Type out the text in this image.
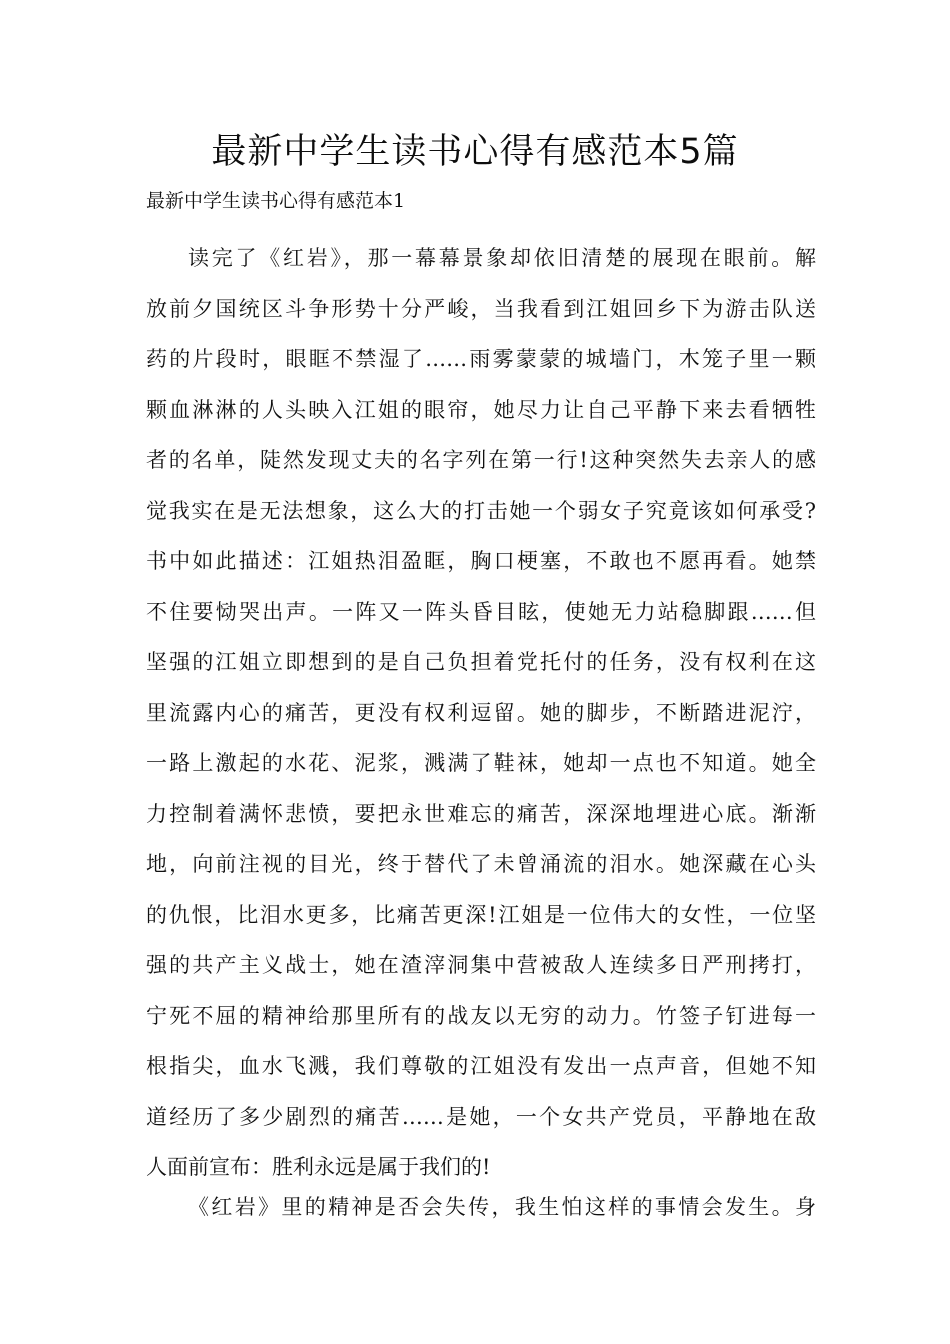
最新中学生读书心得有感范本5篇
最新中学生读书心得有感范本1
读完了《红岩》，那一幕幕景象却依旧清楚的展现在眼前。解
放前夕国统区斗争形势十分严峻，当我看到江姐回乡下为游击队送
药的片段时，眼眶不禁湿了……雨雾蒙蒙的城墙门，木笼子里一颗
颗血淋淋的人头映入江姐的眼帘，她尽力让自己平静下来去看牺牲
者的名单，陡然发现丈夫的名字列在第一行!这种突然失去亲人的感
觉我实在是无法想象，这么大的打击她一个弱女子究竟该如何承受?
书中如此描述：江姐热泪盈眶，胸口梗塞，不敢也不愿再看。她禁
不住要恸哭出声。一阵又一阵头昏目眩，使她无力站稳脚跟……但
坚强的江姐立即想到的是自己负担着党托付的任务，没有权利在这
里流露内心的痛苦，更没有权利逗留。她的脚步，不断踏进泥泞，
一路上激起的水花、泥浆，溅满了鞋袜，她却一点也不知道。她全
力控制着满怀悲愤，要把永世难忘的痛苦，深深地埋进心底。渐渐
地，向前注视的目光，终于替代了未曾涌流的泪水。她深藏在心头
的仇恨，比泪水更多，比痛苦更深!江姐是一位伟大的女性，一位坚
强的共产主义战士，她在渣滓洞集中营被敌人连续多日严刑拷打，
宁死不屈的精神给那里所有的战友以无穷的动力。竹签子钉进每一
根指尖，血水飞溅，我们尊敬的江姐没有发出一点声音，但她不知
道经历了多少剧烈的痛苦……是她，一个女共产党员，平静地在敌
人面前宣布：胜利永远是属于我们的!
《红岩》里的精神是否会失传，我生怕这样的事情会发生。身
